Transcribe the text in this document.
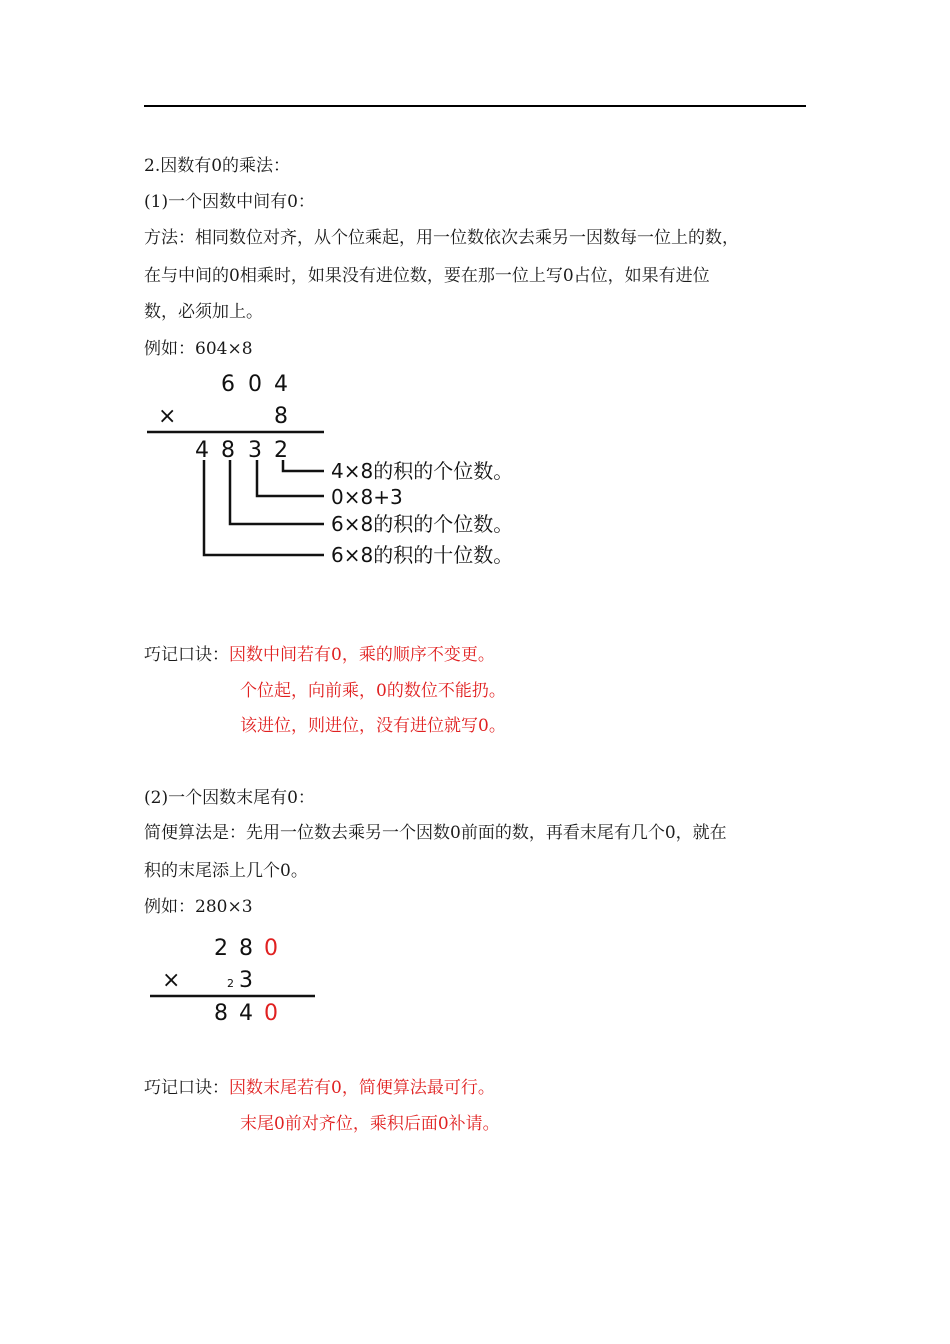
2.因数有0的乘法：
(1)一个因数中间有0：
方法：相同数位对齐，从个位乘起，用一位数依次去乘另一因数每一位上的数，
在与中间的0相乘时，如果没有进位数，要在那一位上写0占位，如果有进位
数，必须加上。
例如：604×8
6 0 4
×	8
4 8 3 2
4×8的积的个位数。
0×8+3
6×8的积的个位数。
6×8的积的十位数。
巧记口诀：因数中间若有0，乘的顺序不变更。
个位起，向前乘，0的数位不能扔。
该进位，则进位，没有进位就写0。
(2)一个因数末尾有0：
简便算法是：先用一位数去乘另一个因数0前面的数，再看末尾有几个0，就在
积的末尾添上几个0。
例如：280×3
2 8 0
×	2 3
8 4 0
巧记口诀：因数末尾若有0，简便算法最可行。
末尾0前对齐位，乘积后面0补请。
